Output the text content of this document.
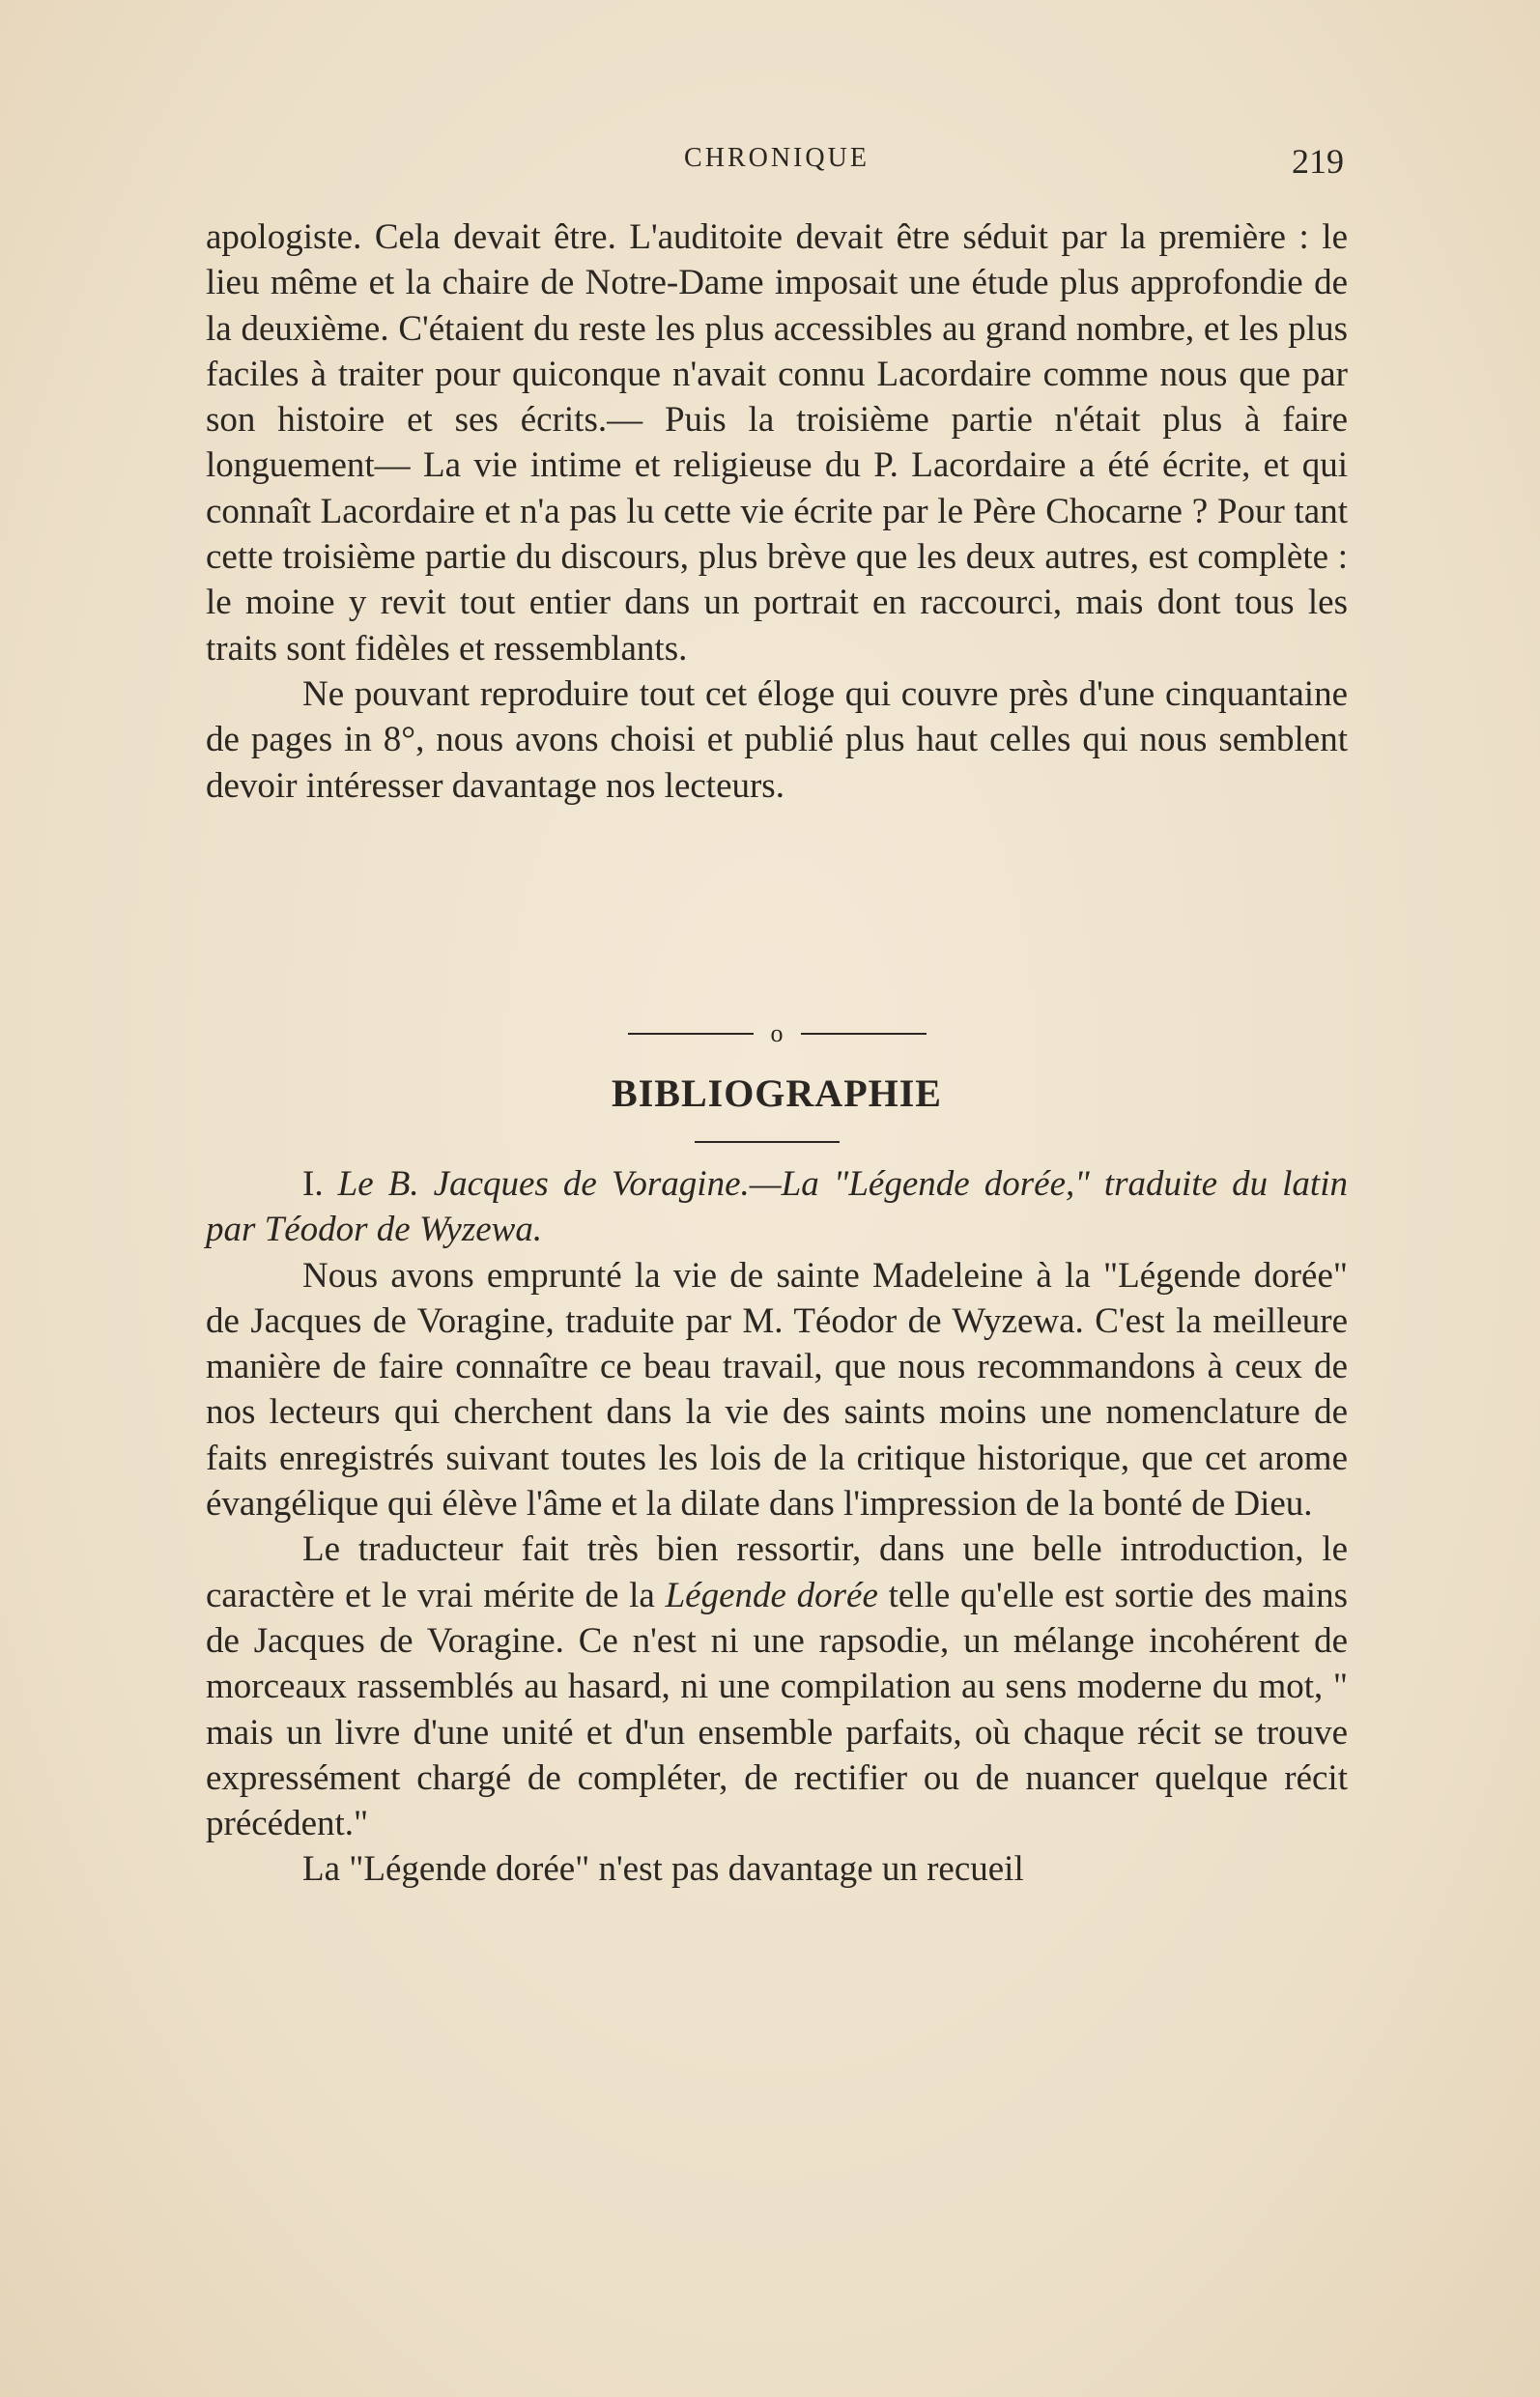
CHRONIQUE	219

apologiste. Cela devait être. L'auditoite devait être séduit par la première : le lieu même et la chaire de Notre-Dame imposait une étude plus approfondie de la deuxième. C'étaient du reste les plus accessibles au grand nombre, et les plus faciles à traiter pour quiconque n'avait connu Lacordaire comme nous que par son histoire et ses écrits.— Puis la troisième partie n'était plus à faire longuement— La vie intime et religieuse du P. Lacordaire a été écrite, et qui connaît Lacordaire et n'a pas lu cette vie écrite par le Père Chocarne ? Pour tant cette troisième partie du discours, plus brève que les deux autres, est complète : le moine y revit tout entier dans un portrait en raccourci, mais dont tous les traits sont fidèles et ressemblants.

Ne pouvant reproduire tout cet éloge qui couvre près d'une cinquantaine de pages in 8°, nous avons choisi et publié plus haut celles qui nous semblent devoir intéresser davantage nos lecteurs.

o
BIBLIOGRAPHIE

I. Le B. Jacques de Voragine.—La "Légende dorée," traduite du latin par Téodor de Wyzewa.

Nous avons emprunté la vie de sainte Madeleine à la "Légende dorée" de Jacques de Voragine, traduite par M. Téodor de Wyzewa. C'est la meilleure manière de faire connaître ce beau travail, que nous recommandons à ceux de nos lecteurs qui cherchent dans la vie des saints moins une nomenclature de faits enregistrés suivant toutes les lois de la critique historique, que cet arome évangélique qui élève l'âme et la dilate dans l'impression de la bonté de Dieu.

Le traducteur fait très bien ressortir, dans une belle introduction, le caractère et le vrai mérite de la Légende dorée telle qu'elle est sortie des mains de Jacques de Voragine. Ce n'est ni une rapsodie, un mélange incohérent de morceaux rassemblés au hasard, ni une compilation au sens moderne du mot, " mais un livre d'une unité et d'un ensemble parfaits, où chaque récit se trouve expressément chargé de compléter, de rectifier ou de nuancer quelque récit précédent."

La "Légende dorée" n'est pas davantage un recueil
